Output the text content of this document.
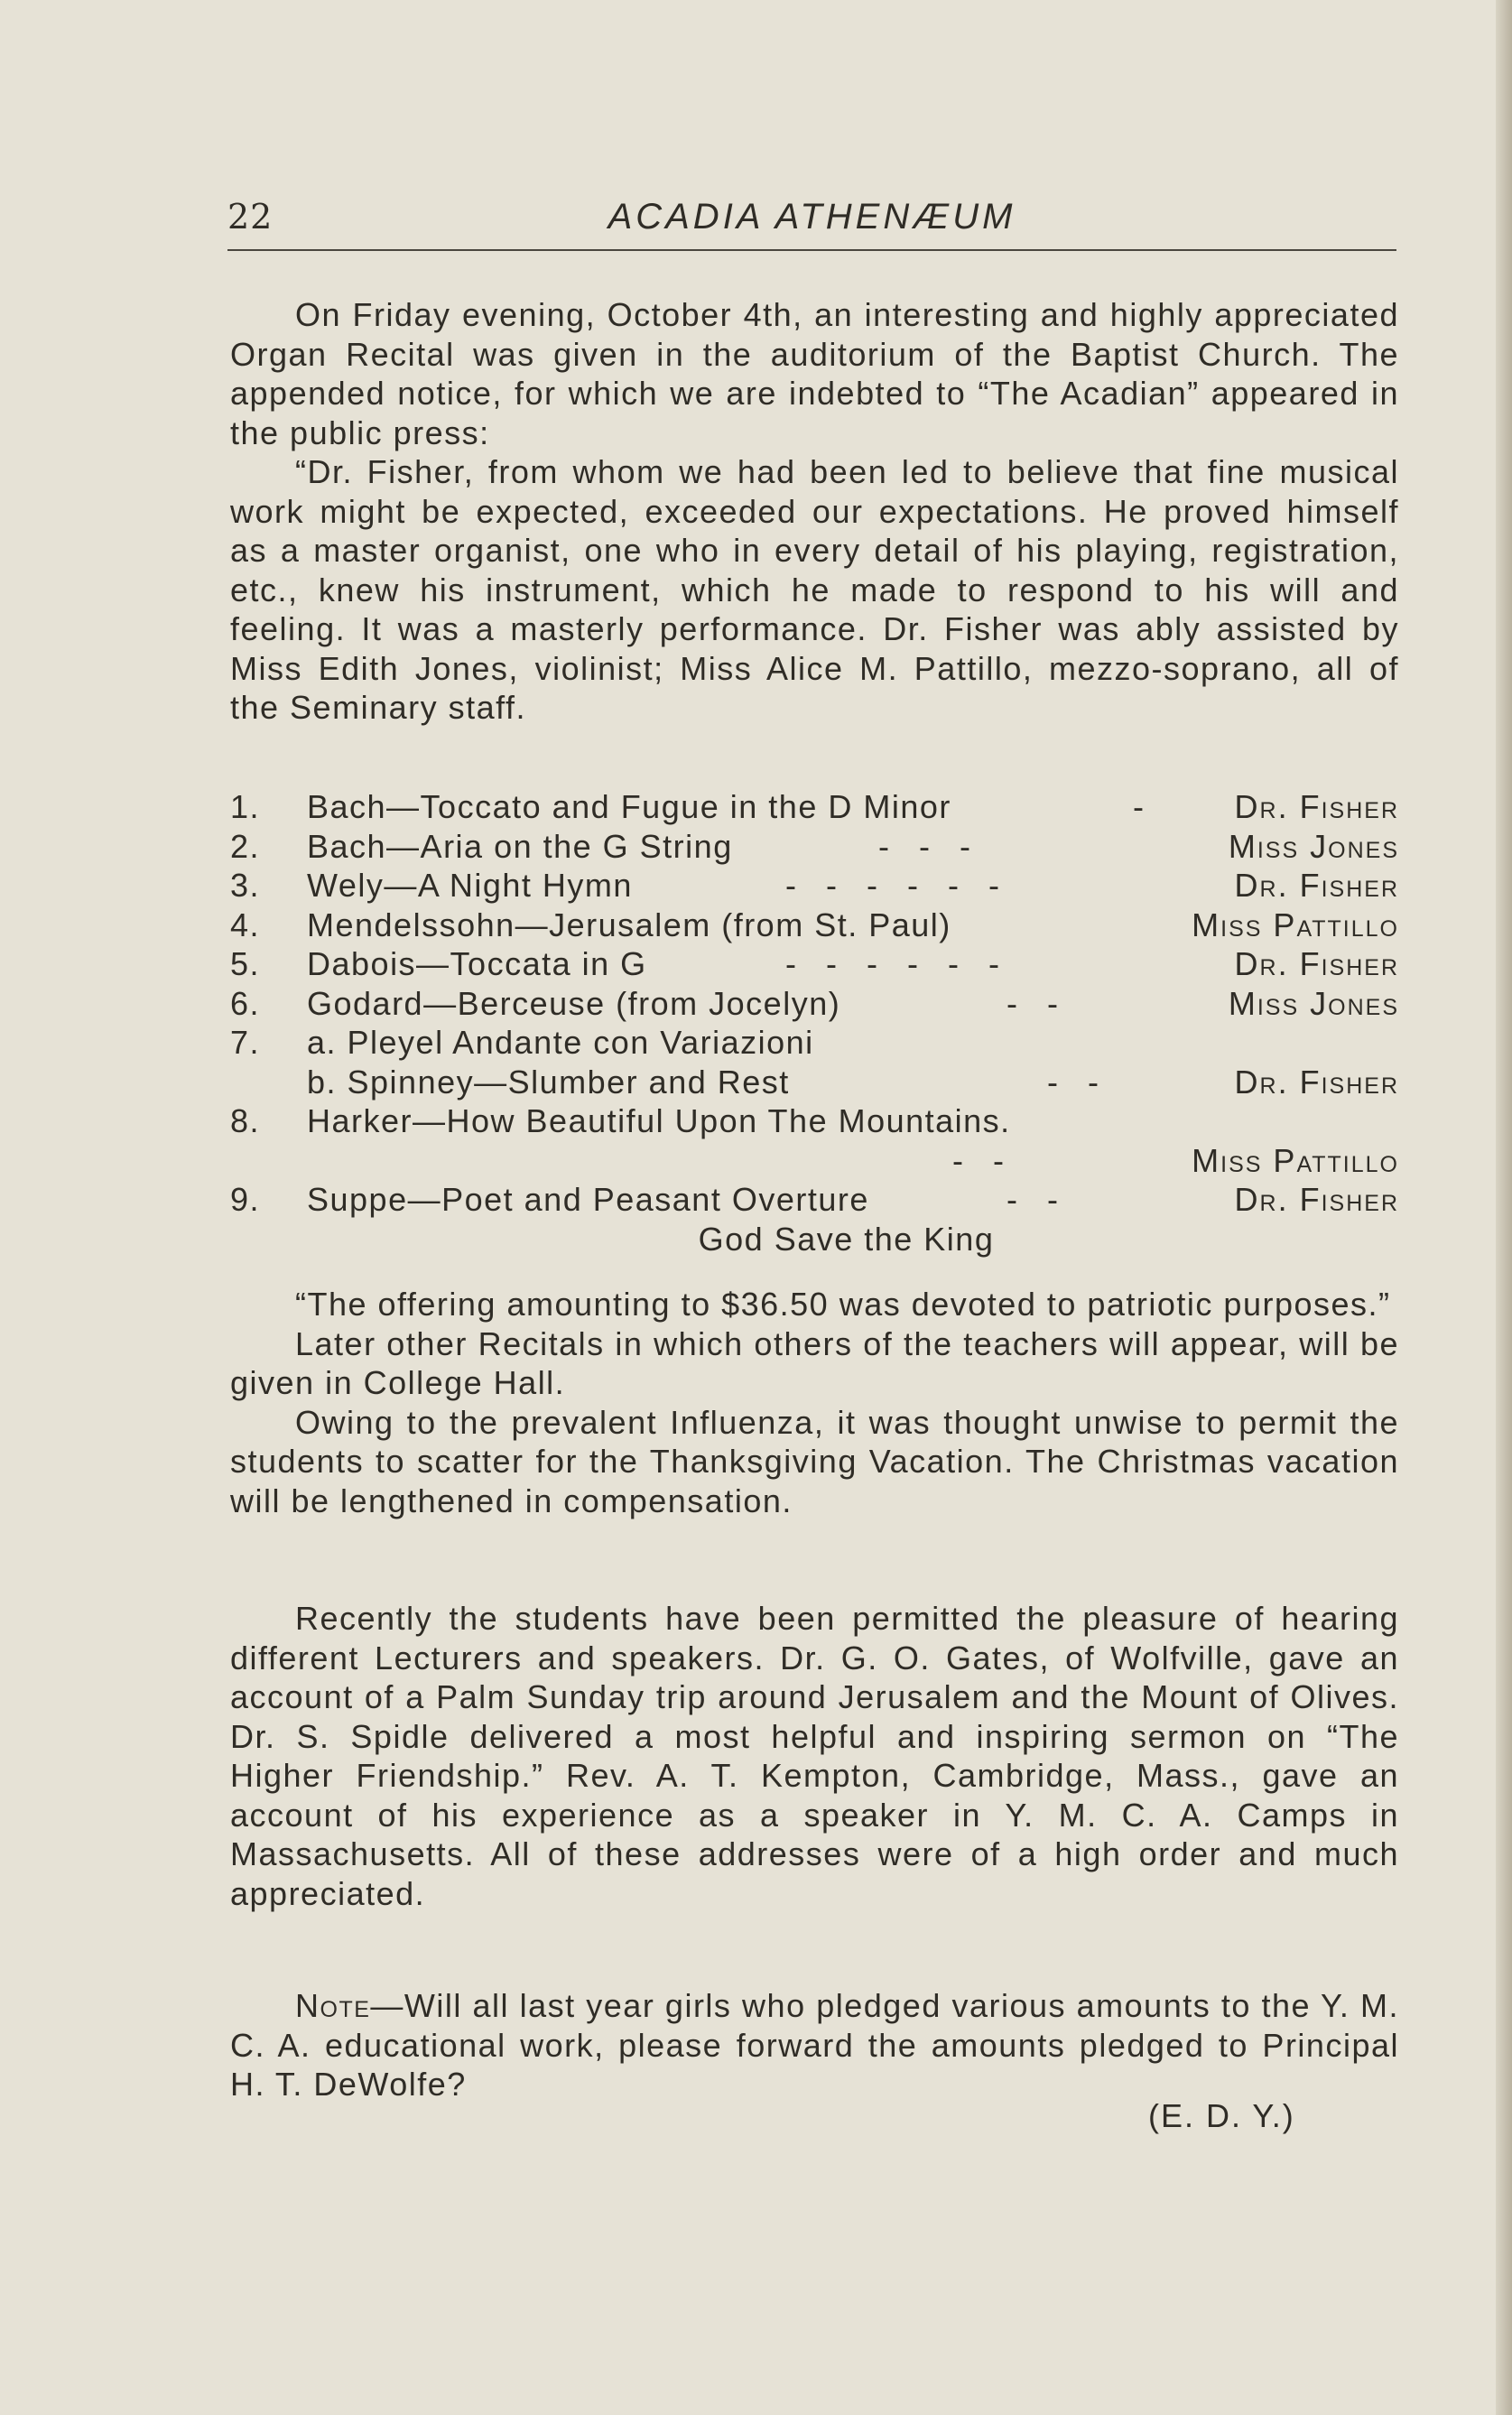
22	ACADIA ATHENÆUM

On Friday evening, October 4th, an interesting and highly appreciated Organ Recital was given in the auditorium of the Baptist Church. The appended notice, for which we are indebted to “The Acadian” appeared in the public press:

“Dr. Fisher, from whom we had been led to believe that fine musical work might be expected, exceeded our expectations. He proved himself as a master organist, one who in every detail of his playing, registration, etc., knew his instrument, which he made to respond to his will and feeling. It was a masterly performance. Dr. Fisher was ably assisted by Miss Edith Jones, violinist; Miss Alice M. Pattillo, mezzo-soprano, all of the Seminary staff.

1. Bach—Toccato and Fugue in the D Minor	-	Dr. Fisher
2. Bach—Aria on the G String	- - -	Miss Jones
3. Wely—A Night Hymn	- - - - - -	Dr. Fisher
4. Mendelssohn—Jerusalem (from St. Paul)	Miss Pattillo
5. Dabois—Toccata in G	- - - - - -	Dr. Fisher
6. Godard—Berceuse (from Jocelyn)	- -	Miss Jones
7. a. Pleyel Andante con Variazioni
b. Spinney—Slumber and Rest	- -	Dr. Fisher
8. Harker—How Beautiful Upon The Mountains.
- -	Miss Pattillo
9. Suppe—Poet and Peasant Overture	- -	Dr. Fisher
God Save the King

“The offering amounting to $36.50 was devoted to patriotic purposes.”

Later other Recitals in which others of the teachers will appear, will be given in College Hall.

Owing to the prevalent Influenza, it was thought unwise to permit the students to scatter for the Thanksgiving Vacation. The Christmas vacation will be lengthened in compensation.

Recently the students have been permitted the pleasure of hearing different Lecturers and speakers. Dr. G. O. Gates, of Wolfville, gave an account of a Palm Sunday trip around Jerusalem and the Mount of Olives. Dr. S. Spidle delivered a most helpful and inspiring sermon on “The Higher Friendship.” Rev. A. T. Kempton, Cambridge, Mass., gave an account of his experience as a speaker in Y. M. C. A. Camps in Massachusetts. All of these addresses were of a high order and much appreciated.

Note—Will all last year girls who pledged various amounts to the Y. M. C. A. educational work, please forward the amounts pledged to Principal H. T. DeWolfe?

(E. D. Y.)
